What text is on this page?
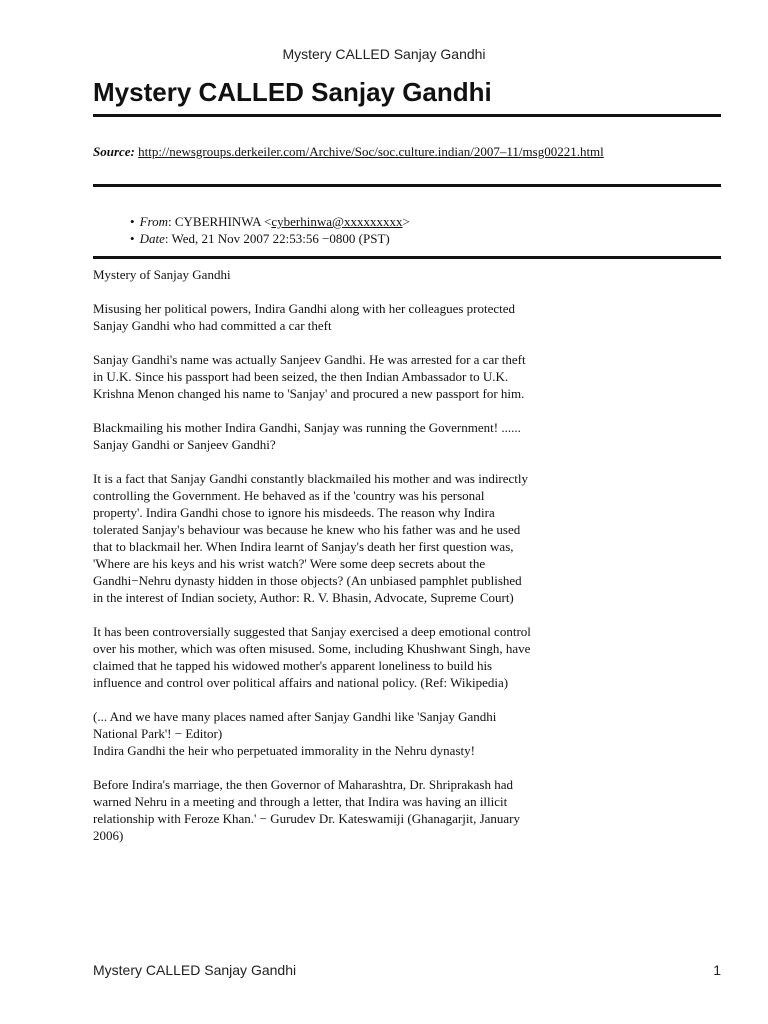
Mystery CALLED Sanjay Gandhi
Mystery CALLED Sanjay Gandhi
Source: http://newsgroups.derkeiler.com/Archive/Soc/soc.culture.indian/2007–11/msg00221.html
• From: CYBERHINWA <cyberhinwa@xxxxxxxxx>
• Date: Wed, 21 Nov 2007 22:53:56 −0800 (PST)

Mystery of Sanjay Gandhi

Misusing her political powers, Indira Gandhi along with her colleagues protected Sanjay Gandhi who had committed a car theft

Sanjay Gandhi's name was actually Sanjeev Gandhi. He was arrested for a car theft in U.K. Since his passport had been seized, the then Indian Ambassador to U.K. Krishna Menon changed his name to 'Sanjay' and procured a new passport for him.

Blackmailing his mother Indira Gandhi, Sanjay was running the Government! ...... Sanjay Gandhi or Sanjeev Gandhi?

It is a fact that Sanjay Gandhi constantly blackmailed his mother and was indirectly controlling the Government. He behaved as if the 'country was his personal property'. Indira Gandhi chose to ignore his misdeeds. The reason why Indira tolerated Sanjay's behaviour was because he knew who his father was and he used that to blackmail her. When Indira learnt of Sanjay's death her first question was, 'Where are his keys and his wrist watch?' Were some deep secrets about the Gandhi−Nehru dynasty hidden in those objects? (An unbiased pamphlet published in the interest of Indian society, Author: R. V. Bhasin, Advocate, Supreme Court)

It has been controversially suggested that Sanjay exercised a deep emotional control over his mother, which was often misused. Some, including Khushwant Singh, have claimed that he tapped his widowed mother's apparent loneliness to build his influence and control over political affairs and national policy. (Ref: Wikipedia)

(... And we have many places named after Sanjay Gandhi like 'Sanjay Gandhi National Park'! − Editor)

Indira Gandhi the heir who perpetuated immorality in the Nehru dynasty!

Before Indira's marriage, the then Governor of Maharashtra, Dr. Shriprakash had warned Nehru in a meeting and through a letter, that Indira was having an illicit relationship with Feroze Khan.' − Gurudev Dr. Kateswamiji (Ghanagarjit, January 2006)

Mystery CALLED Sanjay Gandhi	1
